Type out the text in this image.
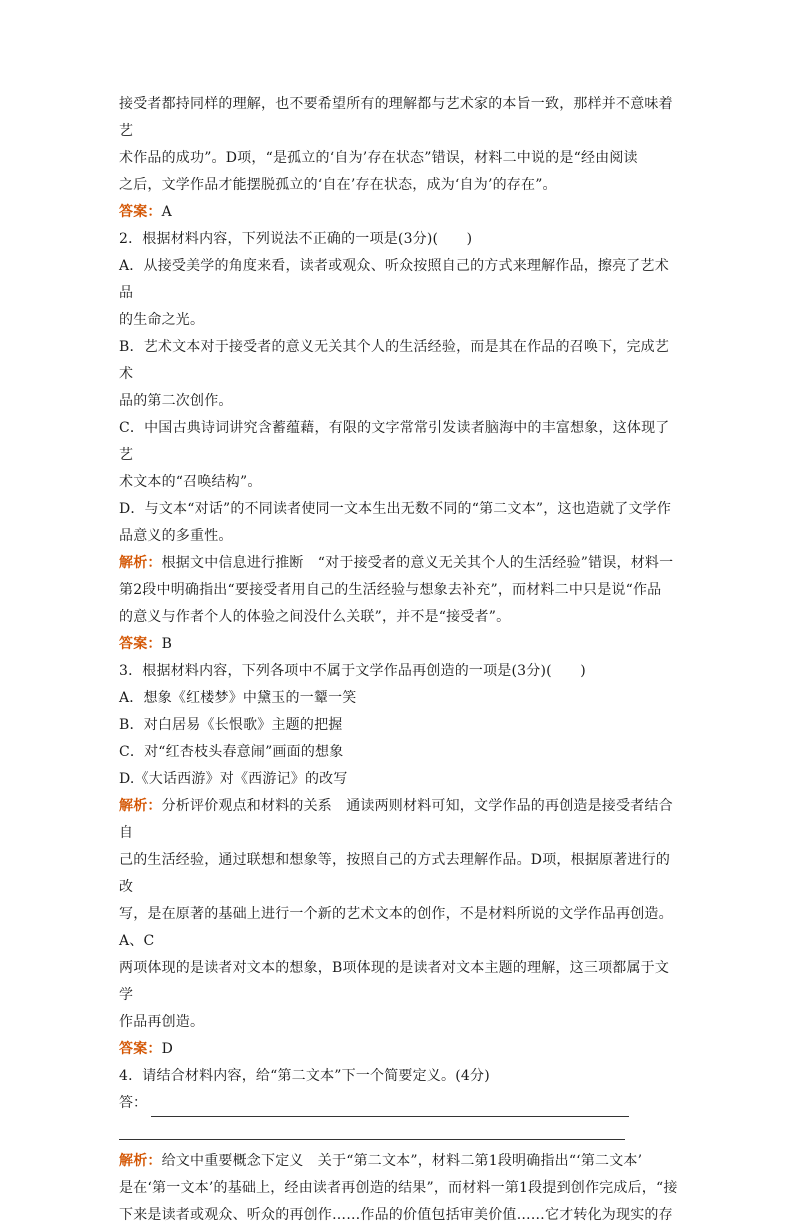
接受者都持同样的理解，也不要希望所有的理解都与艺术家的本旨一致，那样并不意味着艺

术作品的成功”。D项，“是孤立的‘自为’存在状态”错误，材料二中说的是“经由阅读

之后，文学作品才能摆脱孤立的‘自在’存在状态，成为‘自为’的存在”。

答案：A

2．根据材料内容，下列说法不正确的一项是(3分)(　　)

A．从接受美学的角度来看，读者或观众、听众按照自己的方式来理解作品，擦亮了艺术品

的生命之光。

B．艺术文本对于接受者的意义无关其个人的生活经验，而是其在作品的召唤下，完成艺术

品的第二次创作。

C．中国古典诗词讲究含蓄蕴藉，有限的文字常常引发读者脑海中的丰富想象，这体现了艺

术文本的“召唤结构”。

D．与文本“对话”的不同读者使同一文本生出无数不同的“第二文本”，这也造就了文学作

品意义的多重性。

解析：根据文中信息进行推断　“对于接受者的意义无关其个人的生活经验”错误，材料一

第2段中明确指出“要接受者用自己的生活经验与想象去补充”，而材料二中只是说“作品

的意义与作者个人的体验之间没什么关联”，并不是“接受者”。

答案：B

3．根据材料内容，下列各项中不属于文学作品再创造的一项是(3分)(　　)

A．想象《红楼梦》中黛玉的一颦一笑

B．对白居易《长恨歌》主题的把握

C．对“红杏枝头春意闹”画面的想象

D.《大话西游》对《西游记》的改写

解析：分析评价观点和材料的关系　通读两则材料可知，文学作品的再创造是接受者结合自

己的生活经验，通过联想和想象等，按照自己的方式去理解作品。D项，根据原著进行的改

写，是在原著的基础上进行一个新的艺术文本的创作，不是材料所说的文学作品再创造。A、C

两项体现的是读者对文本的想象，B项体现的是读者对文本主题的理解，这三项都属于文学

作品再创造。

答案：D

4．请结合材料内容，给“第二文本”下一个简要定义。(4分)

答：

解析：给文中重要概念下定义　关于“第二文本”，材料二第1段明确指出“‘第二文本’

是在‘第一文本’的基础上，经由读者再创造的结果”，而材料一第1段提到创作完成后，“接

下来是读者或观众、听众的再创作……作品的价值包括审美价值……它才转化为现实的存
